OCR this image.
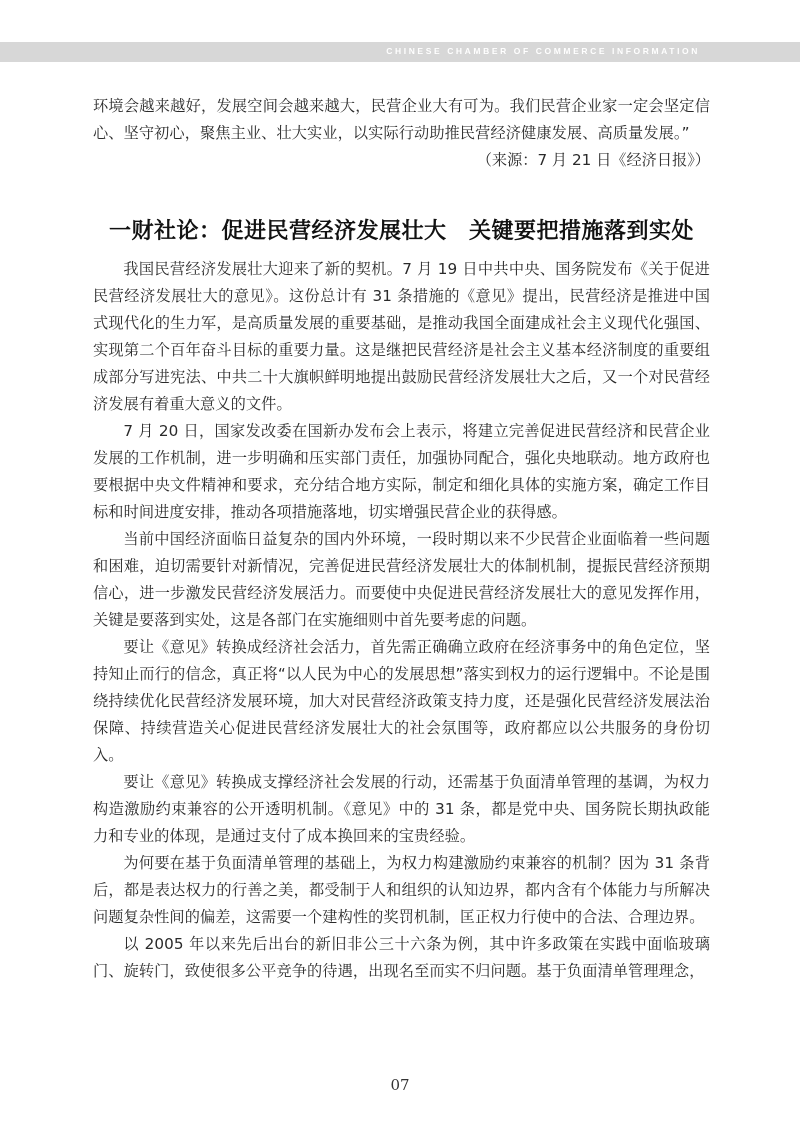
CHINESE CHAMBER OF COMMERCE INFORMATION

环境会越来越好，发展空间会越来越大，民营企业大有可为。我们民营企业家一定会坚定信心、坚守初心，聚焦主业、壮大实业，以实际行动助推民营经济健康发展、高质量发展。”

（来源：7 月 21 日《经济日报》）

一财社论：促进民营经济发展壮大　关键要把措施落到实处

我国民营经济发展壮大迎来了新的契机。7 月 19 日中共中央、国务院发布《关于促进民营经济发展壮大的意见》。这份总计有 31 条措施的《意见》提出，民营经济是推进中国式现代化的生力军，是高质量发展的重要基础，是推动我国全面建成社会主义现代化强国、实现第二个百年奋斗目标的重要力量。这是继把民营经济是社会主义基本经济制度的重要组成部分写进宪法、中共二十大旗帜鲜明地提出鼓励民营经济发展壮大之后，又一个对民营经济发展有着重大意义的文件。

7 月 20 日，国家发改委在国新办发布会上表示，将建立完善促进民营经济和民营企业发展的工作机制，进一步明确和压实部门责任，加强协同配合，强化央地联动。地方政府也要根据中央文件精神和要求，充分结合地方实际，制定和细化具体的实施方案，确定工作目标和时间进度安排，推动各项措施落地，切实增强民营企业的获得感。

当前中国经济面临日益复杂的国内外环境，一段时期以来不少民营企业面临着一些问题和困难，迫切需要针对新情况，完善促进民营经济发展壮大的体制机制，提振民营经济预期信心，进一步激发民营经济发展活力。而要使中央促进民营经济发展壮大的意见发挥作用，关键是要落到实处，这是各部门在实施细则中首先要考虑的问题。

要让《意见》转换成经济社会活力，首先需正确确立政府在经济事务中的角色定位，坚持知止而行的信念，真正将“以人民为中心的发展思想”落实到权力的运行逻辑中。不论是围绕持续优化民营经济发展环境，加大对民营经济政策支持力度，还是强化民营经济发展法治保障、持续营造关心促进民营经济发展壮大的社会氛围等，政府都应以公共服务的身份切入。

要让《意见》转换成支撑经济社会发展的行动，还需基于负面清单管理的基调，为权力构造激励约束兼容的公开透明机制。《意见》中的 31 条，都是党中央、国务院长期执政能力和专业的体现，是通过支付了成本换回来的宝贵经验。

为何要在基于负面清单管理的基础上，为权力构建激励约束兼容的机制？因为 31 条背后，都是表达权力的行善之美，都受制于人和组织的认知边界，都内含有个体能力与所解决问题复杂性间的偏差，这需要一个建构性的奖罚机制，匡正权力行使中的合法、合理边界。

以 2005 年以来先后出台的新旧非公三十六条为例，其中许多政策在实践中面临玻璃门、旋转门，致使很多公平竞争的待遇，出现名至而实不归问题。基于负面清单管理理念，

07
